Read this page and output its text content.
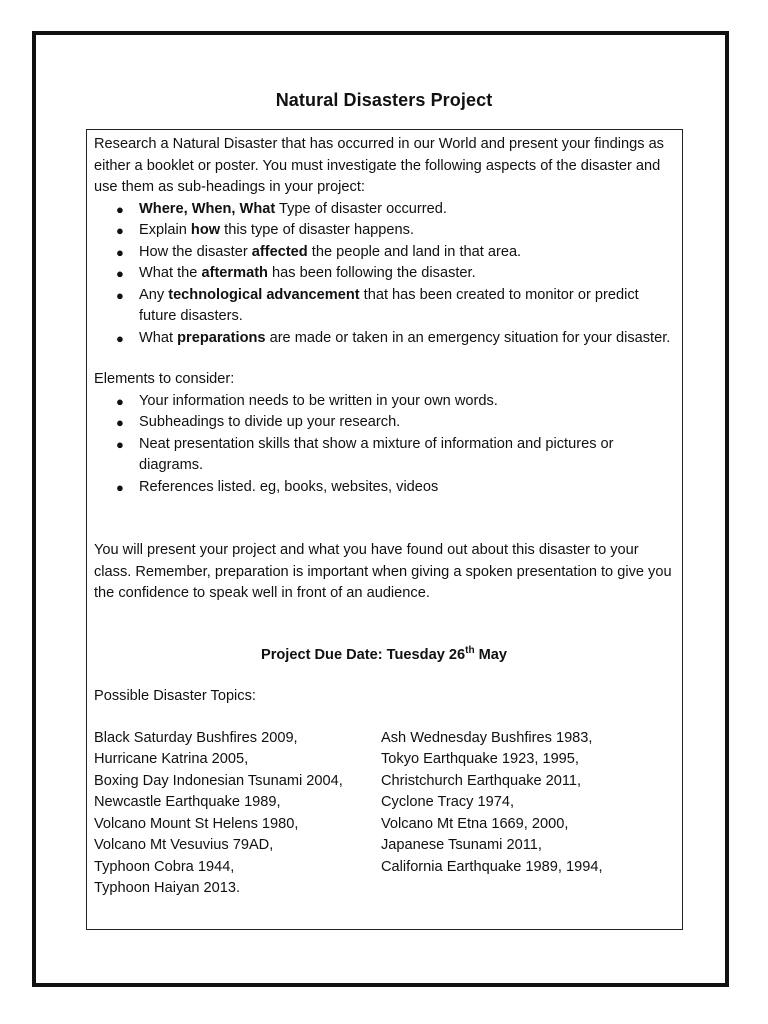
Natural Disasters Project

Research a Natural Disaster that has occurred in our World and present your findings as either a booklet or poster. You must investigate the following aspects of the disaster and use them as sub-headings in your project:

● Where, When, What Type of disaster occurred.
● Explain how this type of disaster happens.
● How the disaster affected the people and land in that area.
● What the aftermath has been following the disaster.
● Any technological advancement that has been created to monitor or predict future disasters.
● What preparations are made or taken in an emergency situation for your disaster.

Elements to consider:

● Your information needs to be written in your own words.
● Subheadings to divide up your research.
● Neat presentation skills that show a mixture of information and pictures or diagrams.
● References listed. eg, books, websites, videos

You will present your project and what you have found out about this disaster to your class. Remember, preparation is important when giving a spoken presentation to give you the confidence to speak well in front of an audience.

Project Due Date: Tuesday 26th May

Possible Disaster Topics:

Black Saturday Bushfires 2009,	Ash Wednesday Bushfires 1983,
Hurricane Katrina 2005,	Tokyo Earthquake 1923, 1995,
Boxing Day Indonesian Tsunami 2004,	Christchurch Earthquake 2011,
Newcastle Earthquake 1989,	Cyclone Tracy 1974,
Volcano Mount St Helens 1980,	Volcano Mt Etna 1669, 2000,
Volcano Mt Vesuvius 79AD,	Japanese Tsunami 2011,
Typhoon Cobra 1944,	California Earthquake 1989, 1994,
Typhoon Haiyan 2013.
